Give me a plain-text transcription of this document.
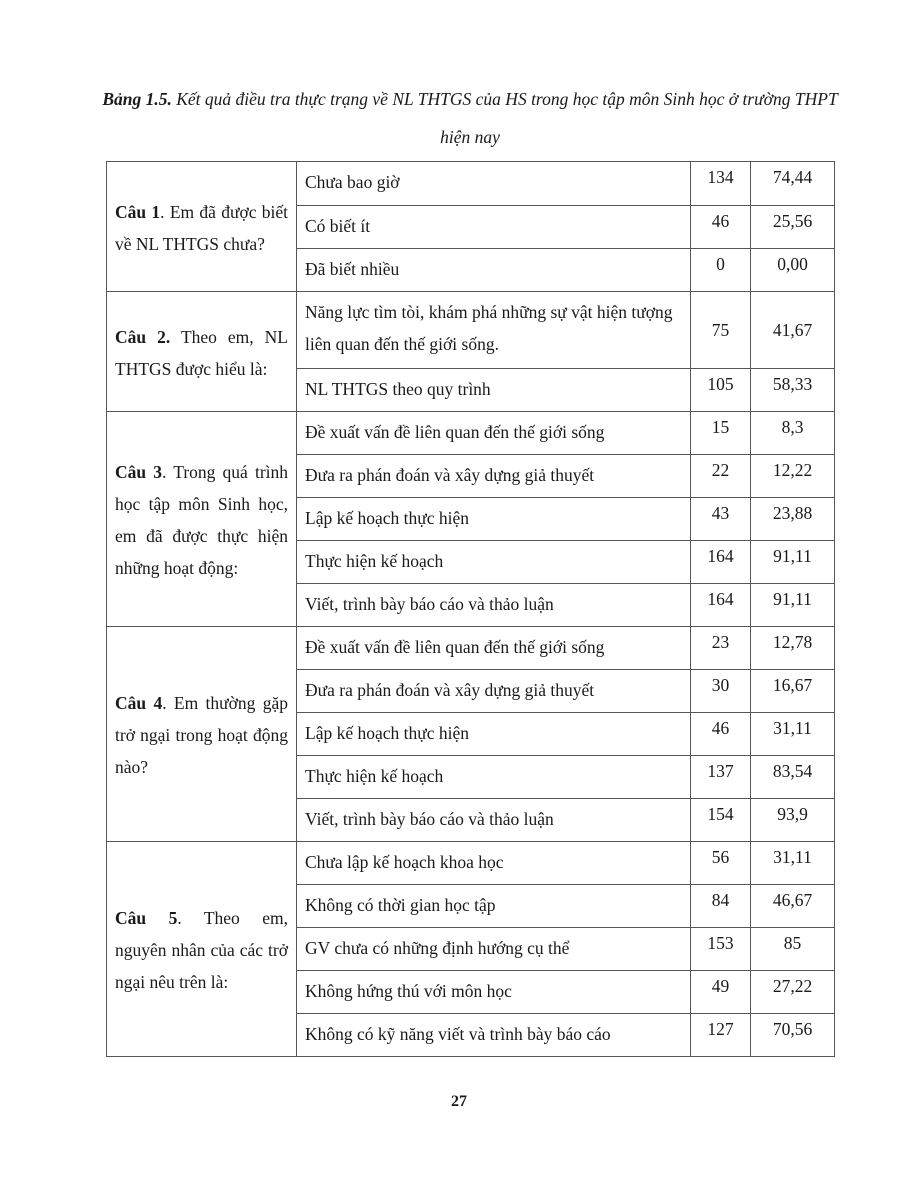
Bảng 1.5. Kết quả điều tra thực trạng về NL THTGS của HS trong học tập môn Sinh học ở trường THPT hiện nay
Câu 1. Em đã được biết về NL THTGS chưa?	Chưa bao giờ	134	74,44
	Có biết ít	46	25,56
	Đã biết nhiều	0	0,00

Câu 2. Theo em, NL THTGS được hiểu là:	Năng lực tìm tòi, khám phá những sự vật hiện tượng liên quan đến thế giới sống.	75	41,67
	NL THTGS theo quy trình	105	58,33

Câu 3. Trong quá trình học tập môn Sinh học, em đã được thực hiện những hoạt động:	Đề xuất vấn đề liên quan đến thế giới sống	15	8,3
	Đưa ra phán đoán và xây dựng giả thuyết	22	12,22
	Lập kế hoạch thực hiện	43	23,88
	Thực hiện kế hoạch	164	91,11
	Viết, trình bày báo cáo và thảo luận	164	91,11

Câu 4. Em thường gặp trở ngại trong hoạt động nào?	Đề xuất vấn đề liên quan đến thế giới sống	23	12,78
	Đưa ra phán đoán và xây dựng giả thuyết	30	16,67
	Lập kế hoạch thực hiện	46	31,11
	Thực hiện kế hoạch	137	83,54
	Viết, trình bày báo cáo và thảo luận	154	93,9

Câu 5. Theo em, nguyên nhân của các trở ngại nêu trên là:	Chưa lập kế hoạch khoa học	56	31,11
	Không có thời gian học tập	84	46,67
	GV chưa có những định hướng cụ thể	153	85
	Không hứng thú với môn học	49	27,22
	Không có kỹ năng viết và trình bày báo cáo	127	70,56
27
